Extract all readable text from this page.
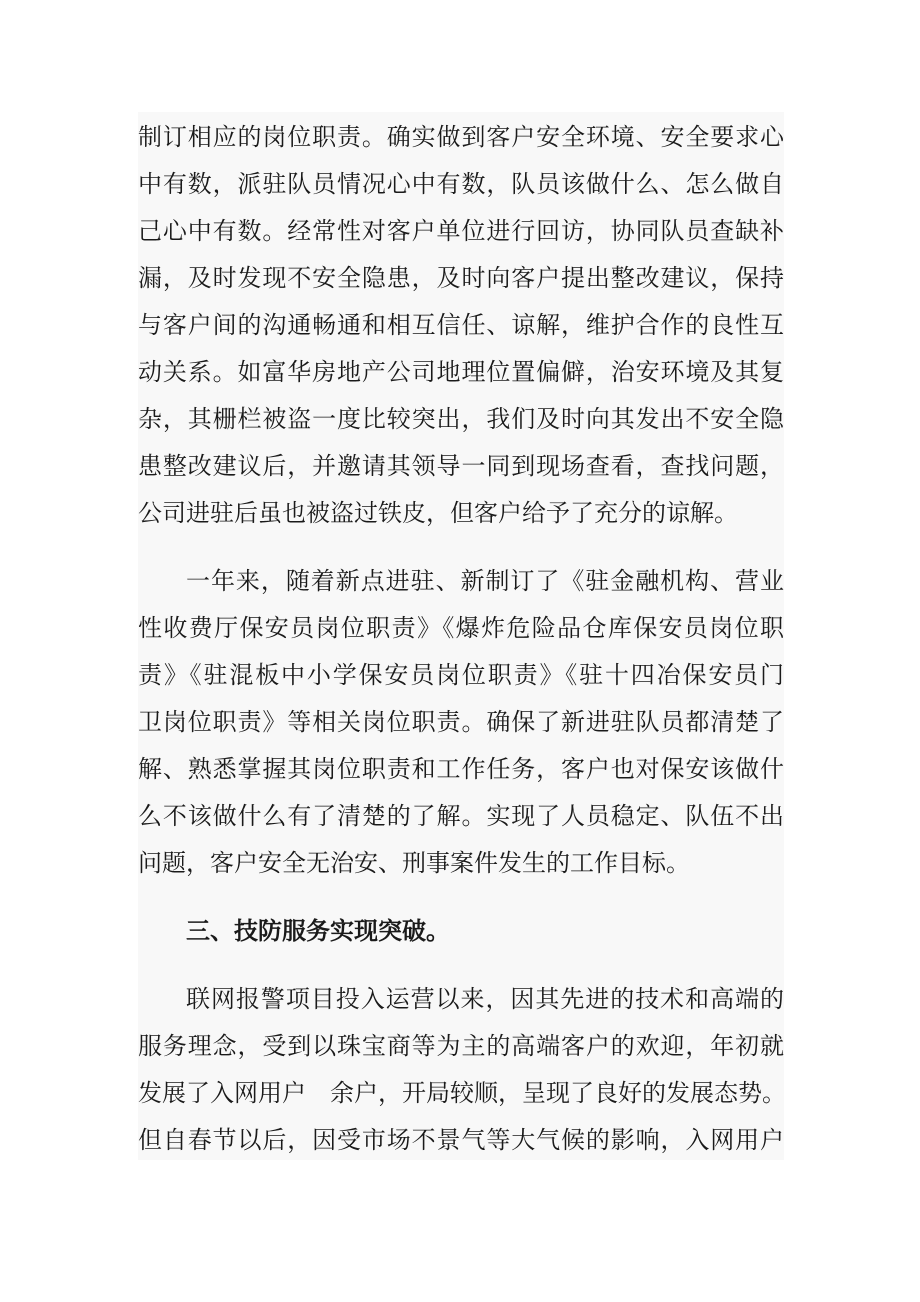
制订相应的岗位职责。确实做到客户安全环境、安全要求心
中有数，派驻队员情况心中有数，队员该做什么、怎么做自
己心中有数。经常性对客户单位进行回访，协同队员查缺补
漏，及时发现不安全隐患，及时向客户提出整改建议，保持
与客户间的沟通畅通和相互信任、谅解，维护合作的良性互
动关系。如富华房地产公司地理位置偏僻，治安环境及其复
杂，其栅栏被盗一度比较突出，我们及时向其发出不安全隐
患整改建议后，并邀请其领导一同到现场查看，查找问题，
公司进驻后虽也被盗过铁皮，但客户给予了充分的谅解。
一年来，随着新点进驻、新制订了《驻金融机构、营业
性收费厅保安员岗位职责》《爆炸危险品仓库保安员岗位职
责》《驻混板中小学保安员岗位职责》《驻十四冶保安员门
卫岗位职责》等相关岗位职责。确保了新进驻队员都清楚了
解、熟悉掌握其岗位职责和工作任务，客户也对保安该做什
么不该做什么有了清楚的了解。实现了人员稳定、队伍不出
问题，客户安全无治安、刑事案件发生的工作目标。
三、技防服务实现突破。
联网报警项目投入运营以来，因其先进的技术和高端的
服务理念，受到以珠宝商等为主的高端客户的欢迎，年初就
发展了入网用户　余户，开局较顺，呈现了良好的发展态势。
但自春节以后，因受市场不景气等大气候的影响，入网用户
